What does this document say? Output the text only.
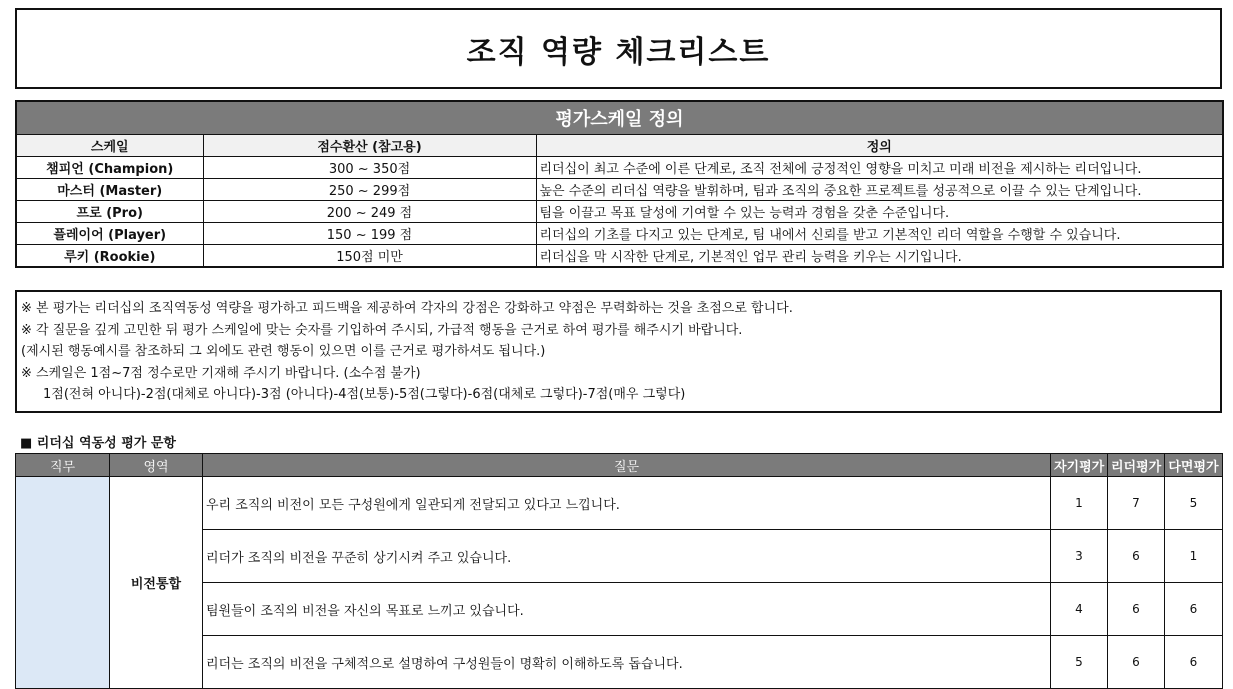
조직 역량 체크리스트
평가스케일 정의		
스케일	점수환산 (참고용)	정의
챔피언 (Champion)	300 ~ 350점	리더십이 최고 수준에 이른 단계로, 조직 전체에 긍정적인 영향을 미치고 미래 비전을 제시하는 리더입니다.
마스터 (Master)	250 ~ 299점	높은 수준의 리더십 역량을 발휘하며, 팀과 조직의 중요한 프로젝트를 성공적으로 이끌 수 있는 단계입니다.
프로 (Pro)	200 ~ 249 점	팀을 이끌고 목표 달성에 기여할 수 있는 능력과 경험을 갖춘 수준입니다.
플레이어 (Player)	150 ~ 199 점	리더십의 기초를 다지고 있는 단계로, 팀 내에서 신뢰를 받고 기본적인 리더 역할을 수행할 수 있습니다.
루키 (Rookie)	150점 미만	리더십을 막 시작한 단계로, 기본적인 업무 관리 능력을 키우는 시기입니다.
※ 본 평가는 리더십의 조직역동성 역량을 평가하고 피드백을 제공하여 각자의 강점은 강화하고 약점은 무력화하는 것을 초점으로 합니다.
※ 각 질문을 깊게 고민한 뒤 평가 스케일에 맞는 숫자를 기입하여 주시되, 가급적 행동을 근거로 하여 평가를 해주시기 바랍니다.
(제시된 행동예시를 참조하되 그 외에도 관련 행동이 있으면 이를 근거로 평가하셔도 됩니다.)
※ 스케일은 1점~7점 정수로만 기재해 주시기 바랍니다. (소수점 불가)
1점(전혀 아니다)-2점(대체로 아니다)-3점 (아니다)-4점(보통)-5점(그렇다)-6점(대체로 그렇다)-7점(매우 그렇다)
■ 리더십 역동성 평가 문항
직무	영역	질문	자기평가	리더평가	다면평가
	비전통합	우리 조직의 비전이 모든 구성원에게 일관되게 전달되고 있다고 느낍니다.	1	7	5
		리더가 조직의 비전을 꾸준히 상기시켜 주고 있습니다.	3	6	1
		팀원들이 조직의 비전을 자신의 목표로 느끼고 있습니다.	4	6	6
		리더는 조직의 비전을 구체적으로 설명하여 구성원들이 명확히 이해하도록 돕습니다.	5	6	6
